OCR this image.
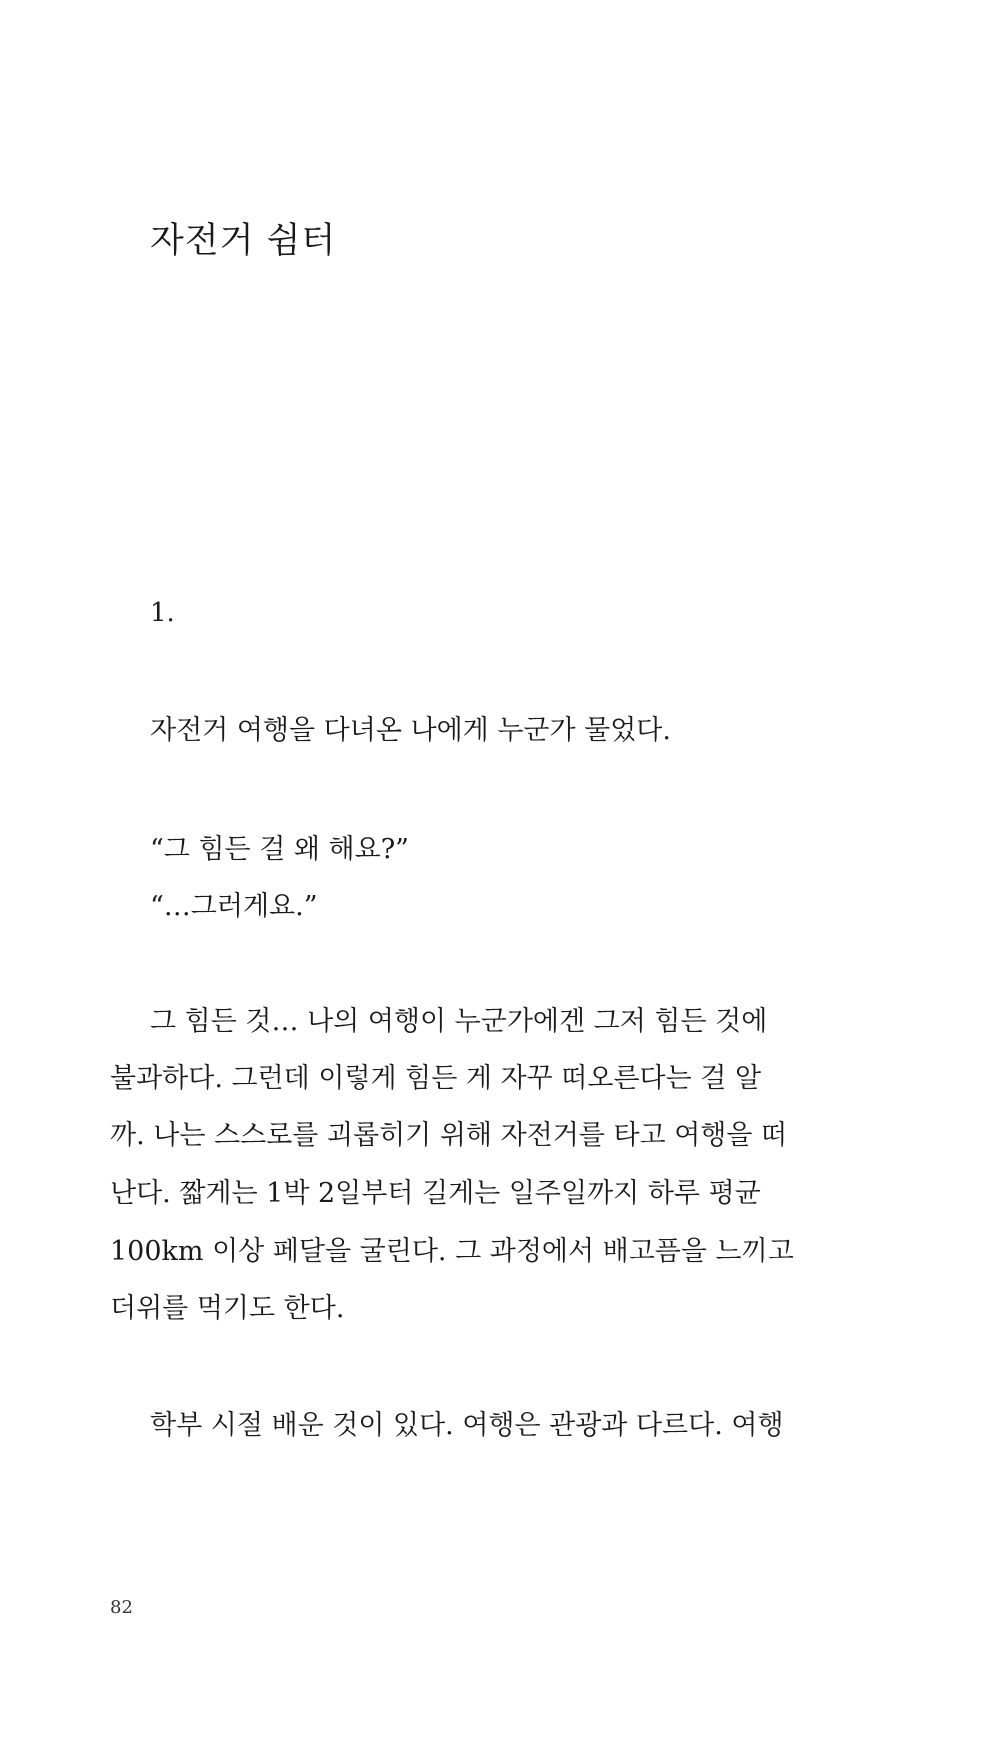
자전거 쉼터

1.

자전거 여행을 다녀온 나에게 누군가 물었다.

“그 힘든 걸 왜 해요?”

“…그러게요.”

그 힘든 것… 나의 여행이 누군가에겐 그저 힘든 것에

불과하다. 그런데 이렇게 힘든 게 자꾸 떠오른다는 걸 알

까. 나는 스스로를 괴롭히기 위해 자전거를 타고 여행을 떠

난다. 짧게는 1박 2일부터 길게는 일주일까지 하루 평균

100km 이상 페달을 굴린다. 그 과정에서 배고픔을 느끼고

더위를 먹기도 한다.

학부 시절 배운 것이 있다. 여행은 관광과 다르다. 여행

82
